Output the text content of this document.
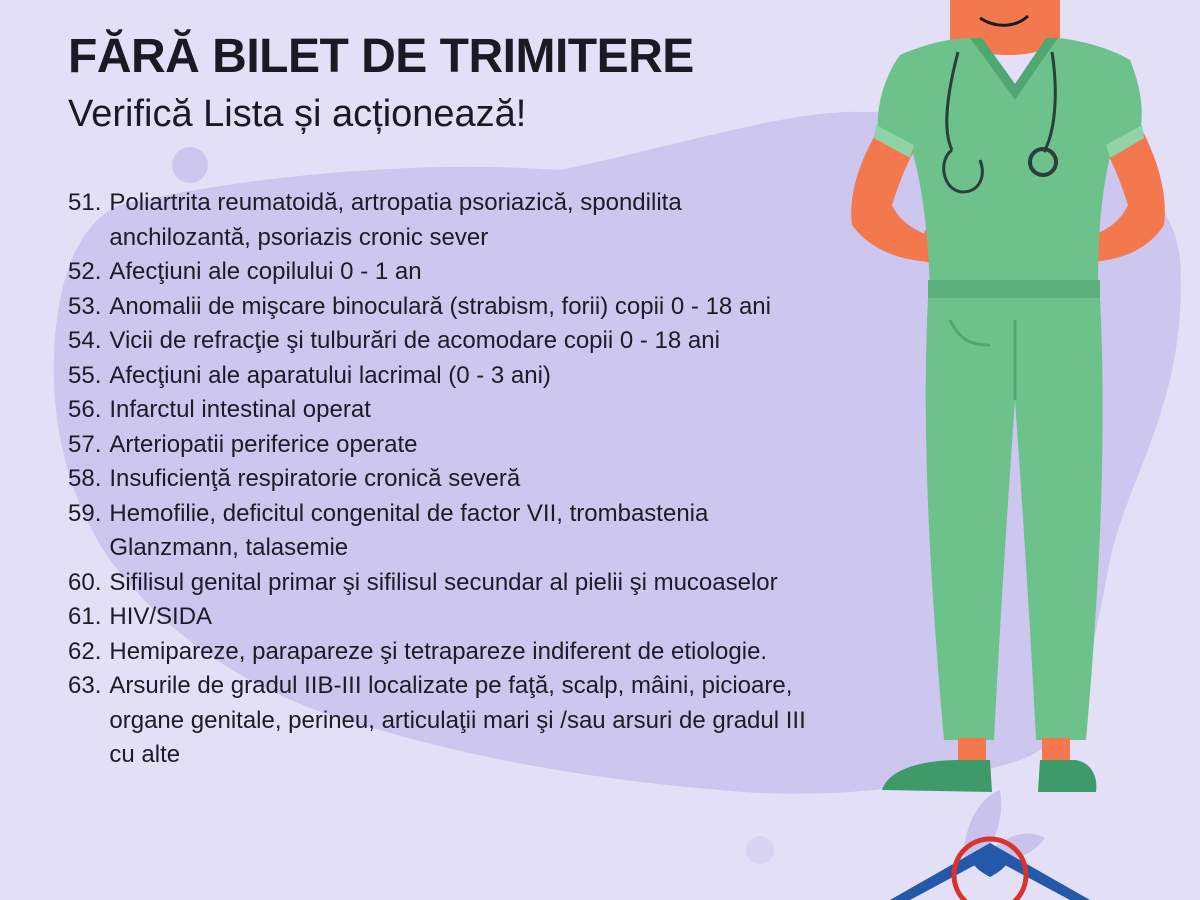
FĂRĂ BILET DE TRIMITERE
Verifică Lista și acționează!
51. Poliartrita reumatoidă, artropatia psoriazică, spondilita anchilozantă, psoriazis cronic sever
52. Afecţiuni ale copilului 0 - 1 an
53. Anomalii de mişcare binoculară (strabism, forii) copii 0 - 18 ani
54. Vicii de refracţie şi tulburări de acomodare copii 0 - 18 ani
55. Afecţiuni ale aparatului lacrimal (0 - 3 ani)
56. Infarctul intestinal operat
57. Arteriopatii periferice operate
58. Insuficienţă respiratorie cronică severă
59. Hemofilie, deficitul congenital de factor VII, trombastenia Glanzmann, talasemie
60. Sifilisul genital primar şi sifilisul secundar al pielii şi mucoaselor
61. HIV/SIDA
62. Hemipareze, parapareze şi tetrapareze indiferent de etiologie.
63. Arsurile de gradul IIB-III localizate pe faţă, scalp, mâini, picioare, organe genitale, perineu, articulaţii mari şi /sau arsuri de gradul III cu alte
